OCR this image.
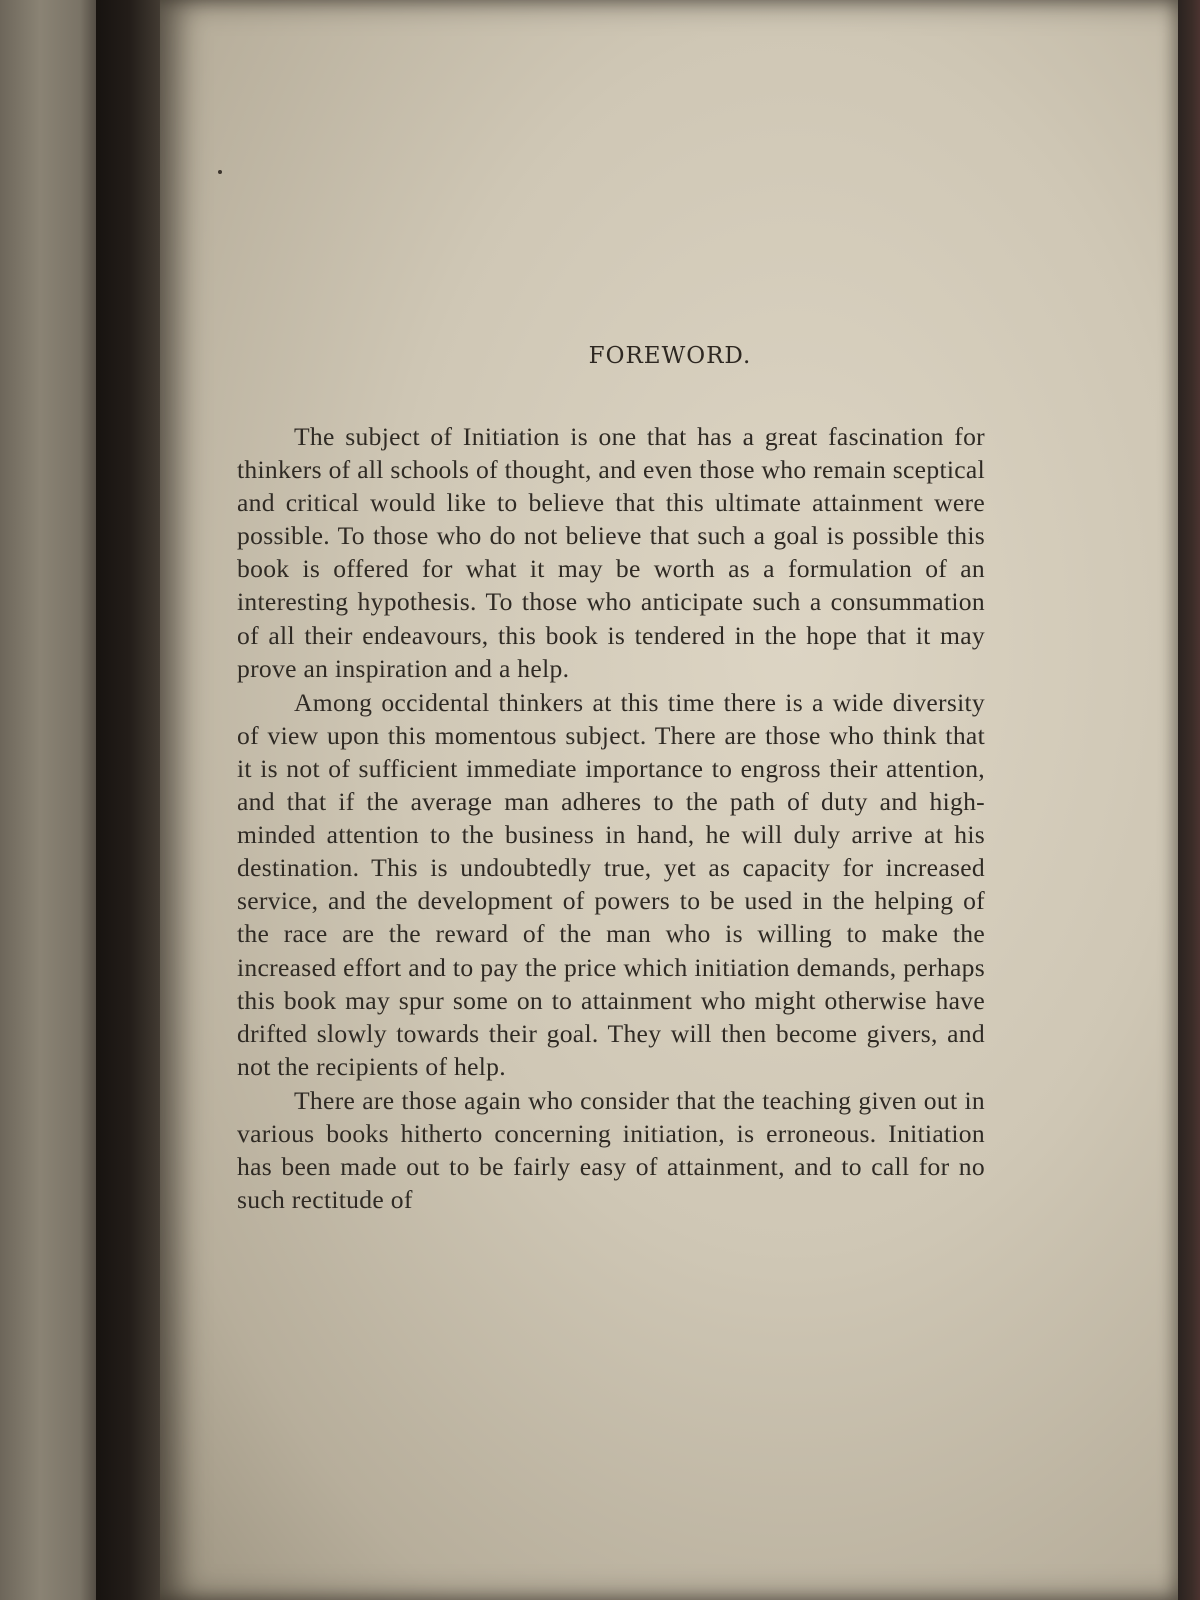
FOREWORD.

The subject of Initiation is one that has a great fascination for thinkers of all schools of thought, and even those who remain sceptical and critical would like to believe that this ultimate attainment were possible. To those who do not believe that such a goal is possible this book is offered for what it may be worth as a formulation of an interesting hypothesis. To those who anticipate such a consummation of all their endeavours, this book is tendered in the hope that it may prove an inspiration and a help.

Among occidental thinkers at this time there is a wide diversity of view upon this momentous subject. There are those who think that it is not of sufficient immediate importance to engross their attention, and that if the average man adheres to the path of duty and high-minded attention to the business in hand, he will duly arrive at his destination. This is undoubtedly true, yet as capacity for increased service, and the development of powers to be used in the helping of the race are the reward of the man who is willing to make the increased effort and to pay the price which initiation demands, perhaps this book may spur some on to attainment who might otherwise have drifted slowly towards their goal. They will then become givers, and not the recipients of help.

There are those again who consider that the teaching given out in various books hitherto concerning initiation, is erroneous. Initiation has been made out to be fairly easy of attainment, and to call for no such rectitude of
